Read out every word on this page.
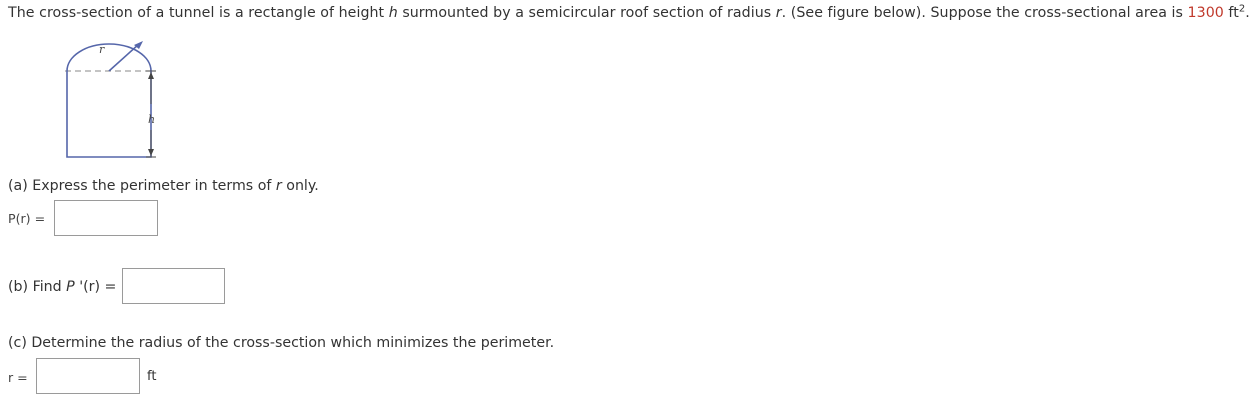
The cross-section of a tunnel is a rectangle of height h surmounted by a semicircular roof section of radius r. (See figure below). Suppose the cross-sectional area is 1300 $ft^2$.
r
h
(a) Express the perimeter in terms of r only.
P(r) =
(b) Find P '(r) =
(c) Determine the radius of the cross-section which minimizes the perimeter.
r =	ft
